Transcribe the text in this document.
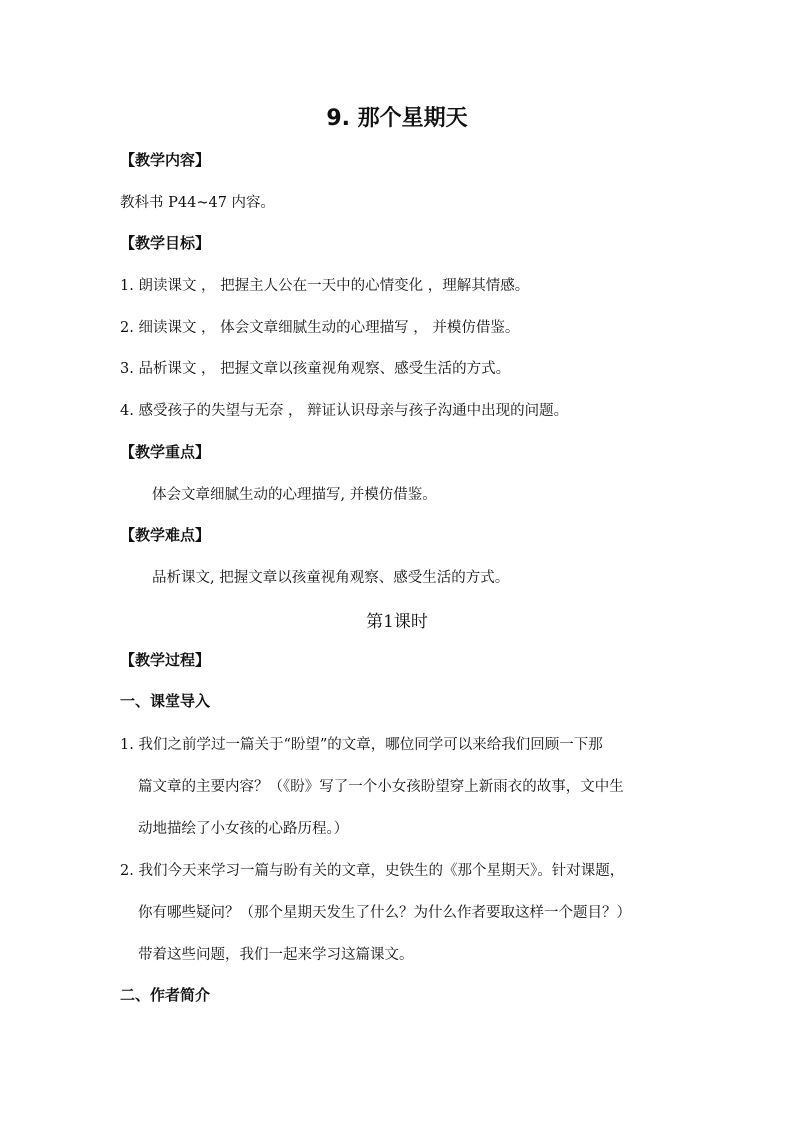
9. 那个星期天
【教学内容】
教科书 P44~47 内容。
【教学目标】
1. 朗读课文 ， 把握主人公在一天中的心情变化 ，理解其情感。
2. 细读课文 ， 体会文章细腻生动的心理描写 ， 并模仿借鉴。
3. 品析课文 ， 把握文章以孩童视角观察、感受生活的方式。
4. 感受孩子的失望与无奈 ， 辩证认识母亲与孩子沟通中出现的问题。
【教学重点】
体会文章细腻生动的心理描写, 并模仿借鉴。
【教学难点】
品析课文, 把握文章以孩童视角观察、感受生活的方式。
第1课时
【教学过程】
一、课堂导入
1. 我们之前学过一篇关于“盼望”的文章，哪位同学可以来给我们回顾一下那
篇文章的主要内容？（《盼》写了一个小女孩盼望穿上新雨衣的故事，文中生
动地描绘了小女孩的心路历程。）
2. 我们今天来学习一篇与盼有关的文章，史铁生的《那个星期天》。针对课题，
你有哪些疑问？（那个星期天发生了什么？为什么作者要取这样一个题目？）
带着这些问题，我们一起来学习这篇课文。
二、作者简介
